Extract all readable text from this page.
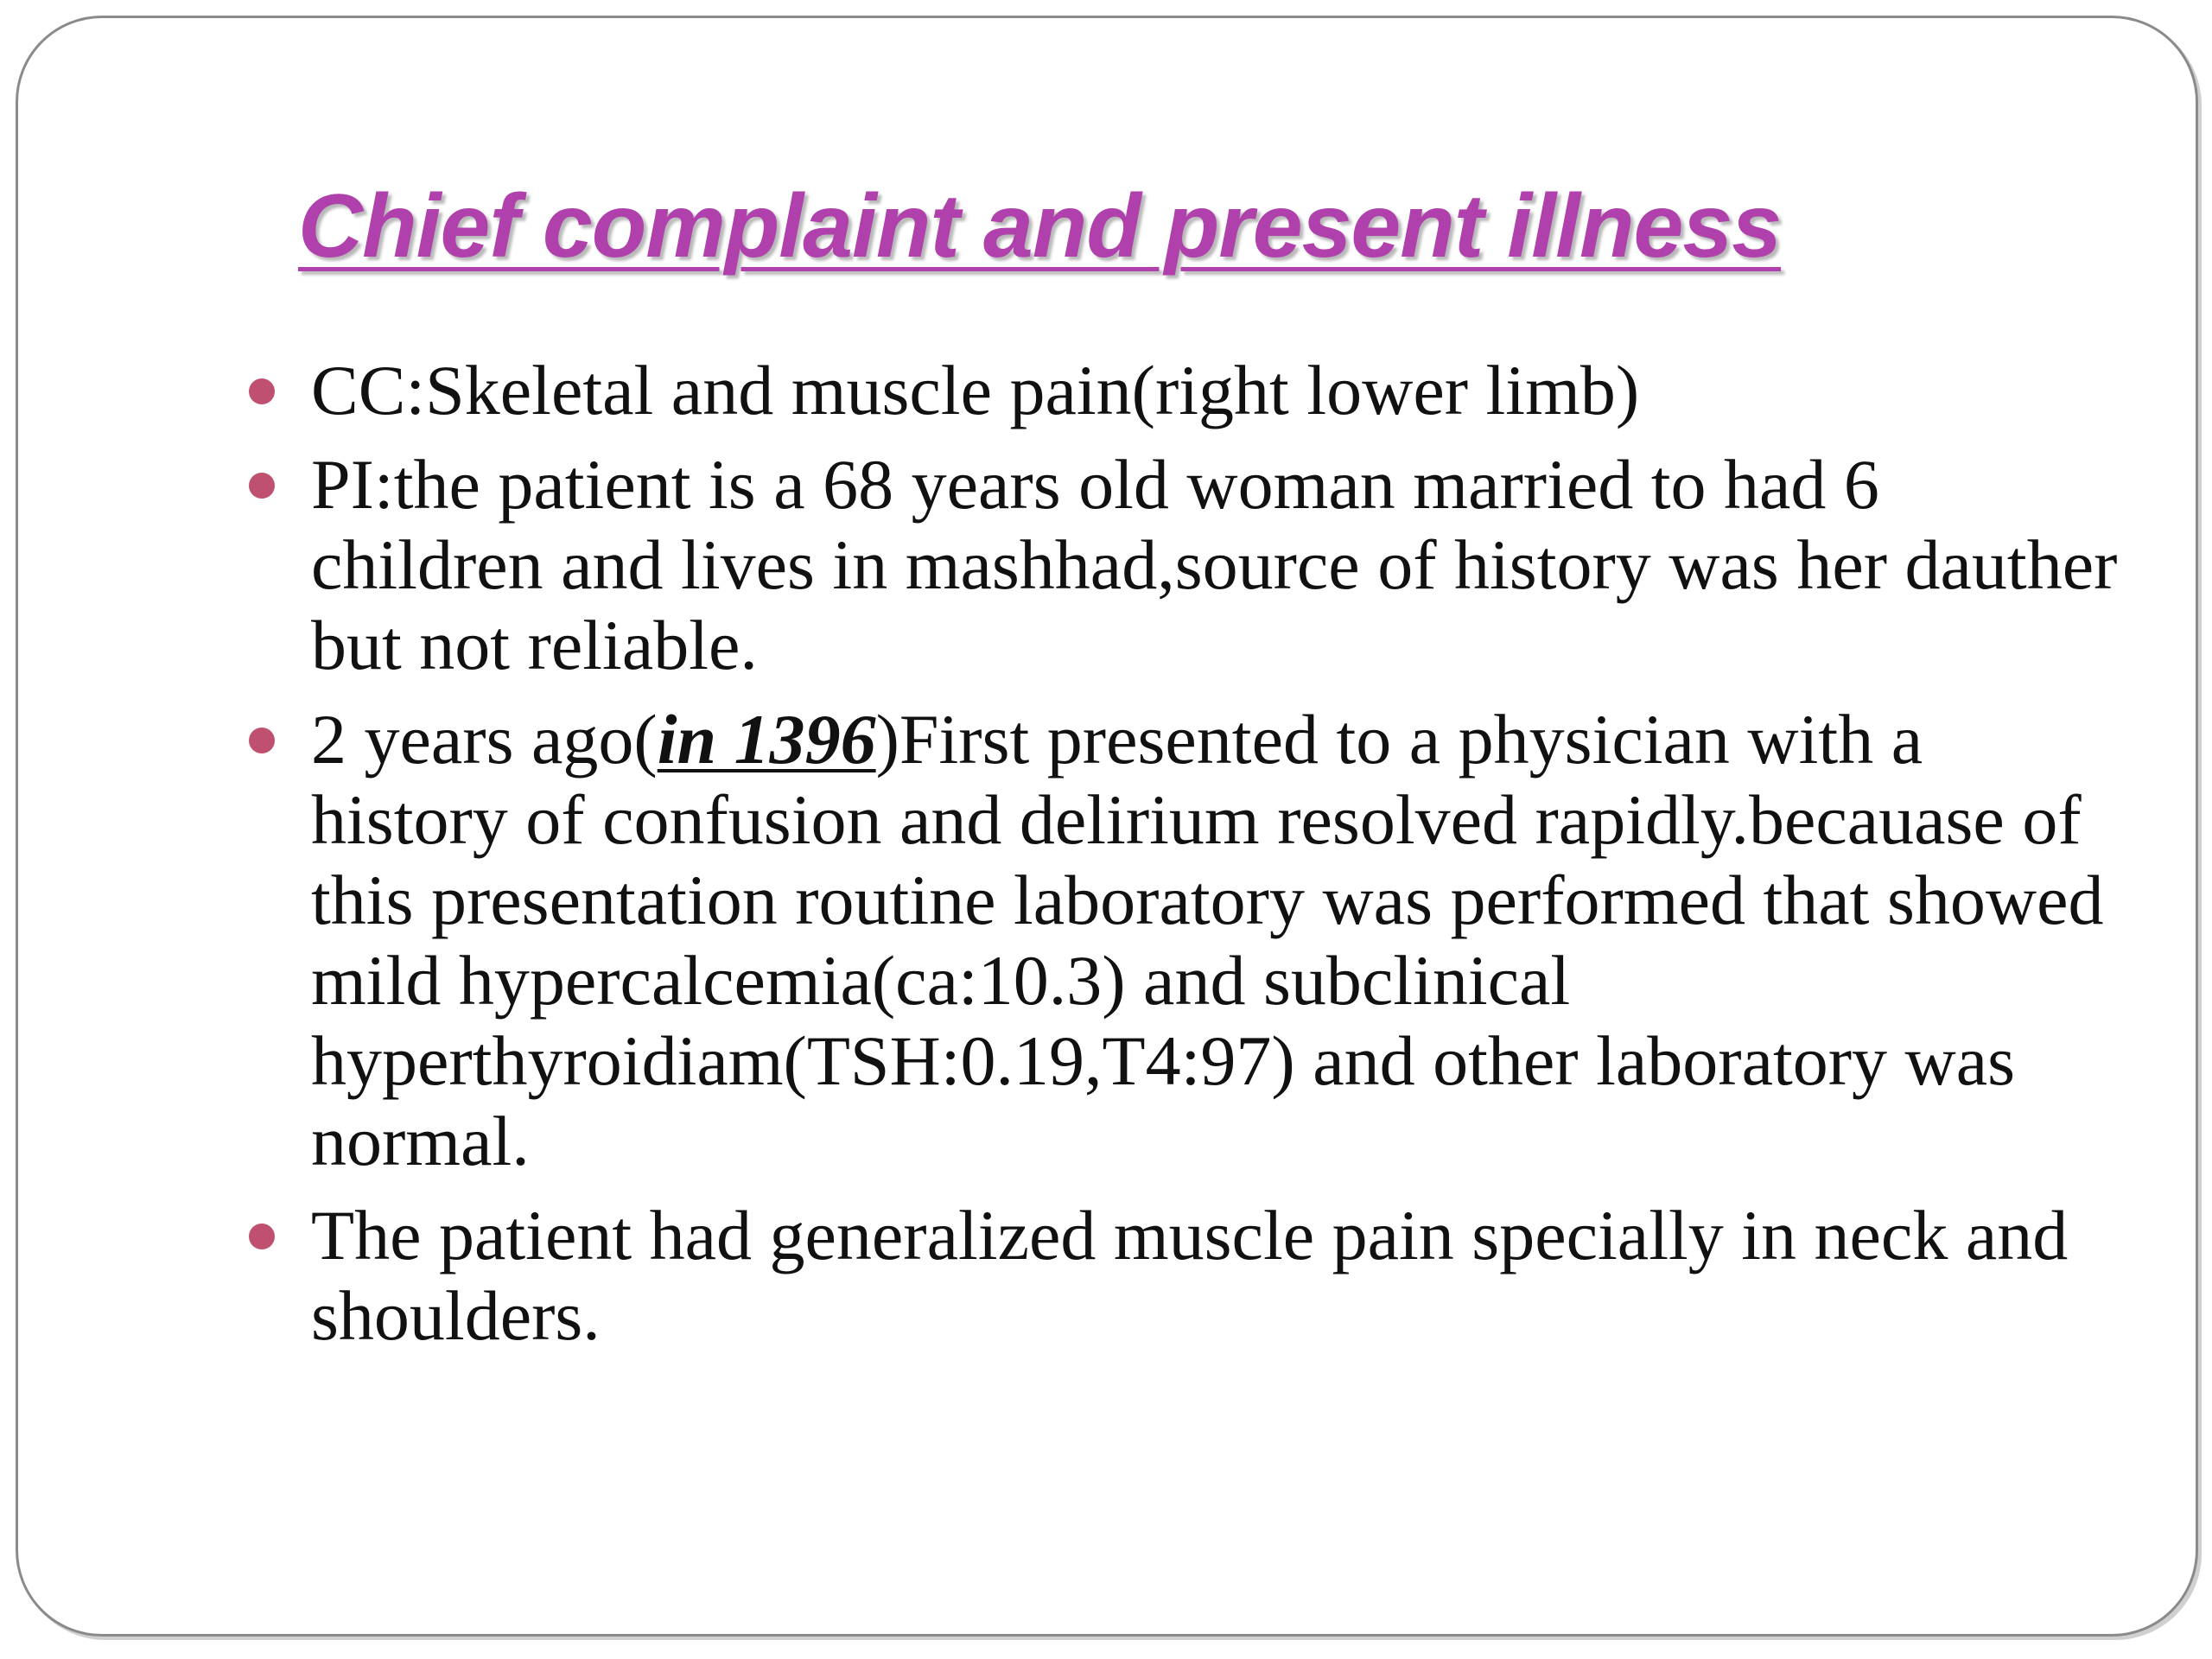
Chief complaint and present illness
CC:Skeletal and muscle pain(right lower limb)
PI:the patient is a 68 years old woman married to had 6 children and lives in mashhad,source of history was her dauther but not reliable.
2 years ago(in 1396)First presented to a physician with a history of confusion and delirium resolved rapidly.becauase of this presentation routine laboratory was performed that showed mild hypercalcemia(ca:10.3) and subclinical hyperthyroidiam(TSH:0.19,T4:97) and other laboratory was normal.
The patient had generalized muscle pain specially in neck and shoulders.
